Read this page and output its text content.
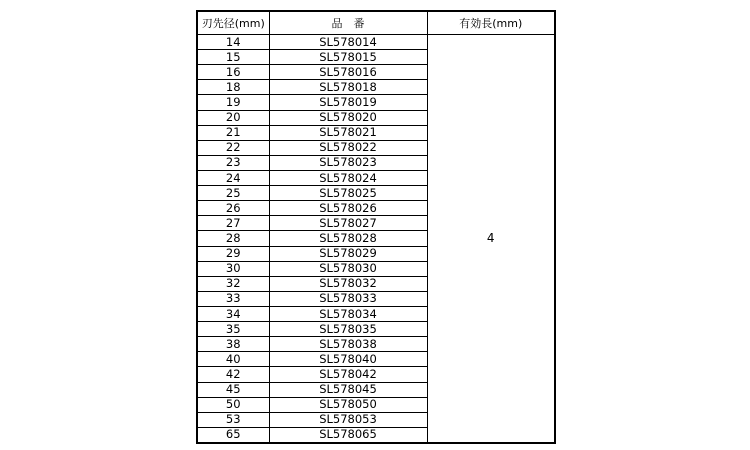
刃先径(mm)	品　番	有効長(mm)
14	SL578014	4
15	SL578015	
16	SL578016	
18	SL578018	
19	SL578019	
20	SL578020	
21	SL578021	
22	SL578022	
23	SL578023	
24	SL578024	
25	SL578025	
26	SL578026	
27	SL578027	
28	SL578028	
29	SL578029	
30	SL578030	
32	SL578032	
33	SL578033	
34	SL578034	
35	SL578035	
38	SL578038	
40	SL578040	
42	SL578042	
45	SL578045	
50	SL578050	
53	SL578053	
65	SL578065	
